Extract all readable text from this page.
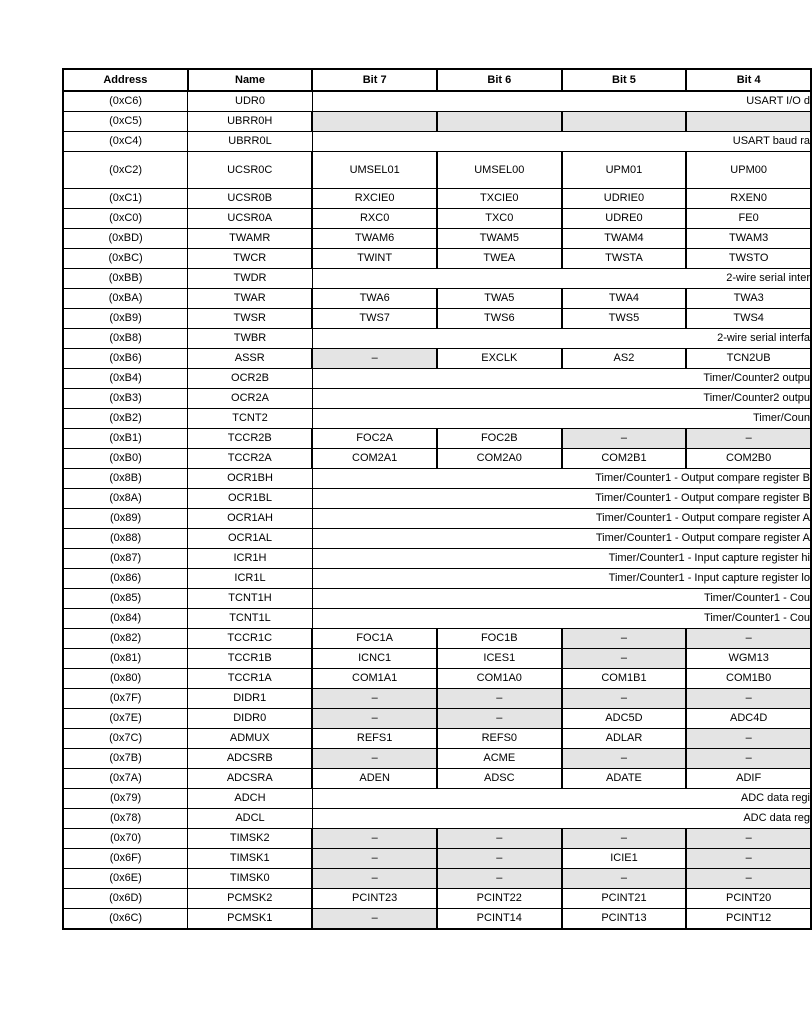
Address	Name	Bit 7	Bit 6	Bit 5	Bit 4
(0xC6)	UDR0	USART I/O d			
(0xC5)	UBRR0H				
(0xC4)	UBRR0L	USART baud ra			
(0xC2)	UCSR0C	UMSEL01	UMSEL00	UPM01	UPM00
(0xC1)	UCSR0B	RXCIE0	TXCIE0	UDRIE0	RXEN0
(0xC0)	UCSR0A	RXC0	TXC0	UDRE0	FE0
(0xBD)	TWAMR	TWAM6	TWAM5	TWAM4	TWAM3
(0xBC)	TWCR	TWINT	TWEA	TWSTA	TWSTO
(0xBB)	TWDR	2-wire serial inter			
(0xBA)	TWAR	TWA6	TWA5	TWA4	TWA3
(0xB9)	TWSR	TWS7	TWS6	TWS5	TWS4
(0xB8)	TWBR	2-wire serial interfa			
(0xB6)	ASSR	–	EXCLK	AS2	TCN2UB
(0xB4)	OCR2B	Timer/Counter2 outpu			
(0xB3)	OCR2A	Timer/Counter2 outpu			
(0xB2)	TCNT2	Timer/Coun			
(0xB1)	TCCR2B	FOC2A	FOC2B	–	–
(0xB0)	TCCR2A	COM2A1	COM2A0	COM2B1	COM2B0
(0x8B)	OCR1BH	Timer/Counter1 - Output compare register B			
(0x8A)	OCR1BL	Timer/Counter1 - Output compare register B			
(0x89)	OCR1AH	Timer/Counter1 - Output compare register A			
(0x88)	OCR1AL	Timer/Counter1 - Output compare register A			
(0x87)	ICR1H	Timer/Counter1 - Input capture register hi			
(0x86)	ICR1L	Timer/Counter1 - Input capture register lo			
(0x85)	TCNT1H	Timer/Counter1 - Cou			
(0x84)	TCNT1L	Timer/Counter1 - Cou			
(0x82)	TCCR1C	FOC1A	FOC1B	–	–
(0x81)	TCCR1B	ICNC1	ICES1	–	WGM13
(0x80)	TCCR1A	COM1A1	COM1A0	COM1B1	COM1B0
(0x7F)	DIDR1	–	–	–	–
(0x7E)	DIDR0	–	–	ADC5D	ADC4D
(0x7C)	ADMUX	REFS1	REFS0	ADLAR	–
(0x7B)	ADCSRB	–	ACME	–	–
(0x7A)	ADCSRA	ADEN	ADSC	ADATE	ADIF
(0x79)	ADCH	ADC data regi			
(0x78)	ADCL	ADC data reg			
(0x70)	TIMSK2	–	–	–	–
(0x6F)	TIMSK1	–	–	ICIE1	–
(0x6E)	TIMSK0	–	–	–	–
(0x6D)	PCMSK2	PCINT23	PCINT22	PCINT21	PCINT20
(0x6C)	PCMSK1	–	PCINT14	PCINT13	PCINT12
